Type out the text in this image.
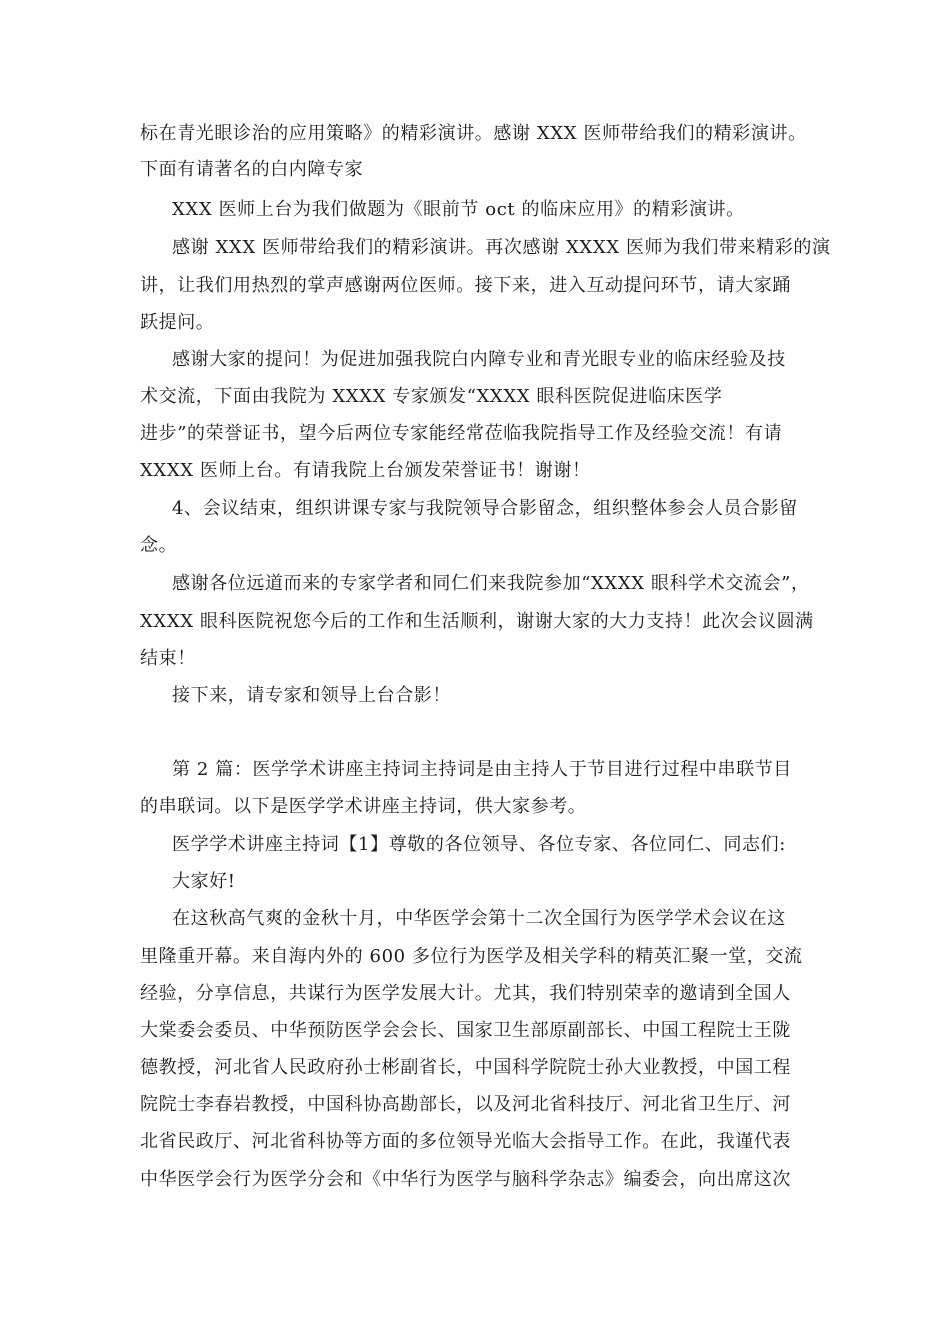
标在青光眼诊治的应用策略》的精彩演讲。感谢 XXX 医师带给我们的精彩演讲。

下面有请著名的白内障专家

XXX 医师上台为我们做题为《眼前节 oct 的临床应用》的精彩演讲。

感谢 XXX 医师带给我们的精彩演讲。再次感谢 XXXX 医师为我们带来精彩的演

讲，让我们用热烈的掌声感谢两位医师。接下来，进入互动提问环节，请大家踊

跃提问。

感谢大家的提问！为促进加强我院白内障专业和青光眼专业的临床经验及技

术交流，下面由我院为 XXXX 专家颁发“XXXX 眼科医院促进临床医学

进步”的荣誉证书，望今后两位专家能经常莅临我院指导工作及经验交流！有请

XXXX 医师上台。有请我院上台颁发荣誉证书！谢谢！

4、会议结束，组织讲课专家与我院领导合影留念，组织整体参会人员合影留

念。

感谢各位远道而来的专家学者和同仁们来我院参加“XXXX 眼科学术交流会”，

XXXX 眼科医院祝您今后的工作和生活顺利，谢谢大家的大力支持！此次会议圆满

结束！

接下来，请专家和领导上台合影！

第 2 篇：医学学术讲座主持词主持词是由主持人于节目进行过程中串联节目

的串联词。以下是医学学术讲座主持词，供大家参考。

医学学术讲座主持词【1】尊敬的各位领导、各位专家、各位同仁、同志们:

大家好!

在这秋高气爽的金秋十月，中华医学会第十二次全国行为医学学术会议在这

里隆重开幕。来自海内外的 600 多位行为医学及相关学科的精英汇聚一堂，交流

经验，分享信息，共谋行为医学发展大计。尤其，我们特别荣幸的邀请到全国人

大棠委会委员、中华预防医学会会长、国家卫生部原副部长、中国工程院士王陇

德教授，河北省人民政府孙士彬副省长，中国科学院院士孙大业教授，中国工程

院院士李春岩教授，中国科协高勘部长，以及河北省科技厅、河北省卫生厅、河

北省民政厅、河北省科协等方面的多位领导光临大会指导工作。在此，我谨代表

中华医学会行为医学分会和《中华行为医学与脑科学杂志》编委会，向出席这次
